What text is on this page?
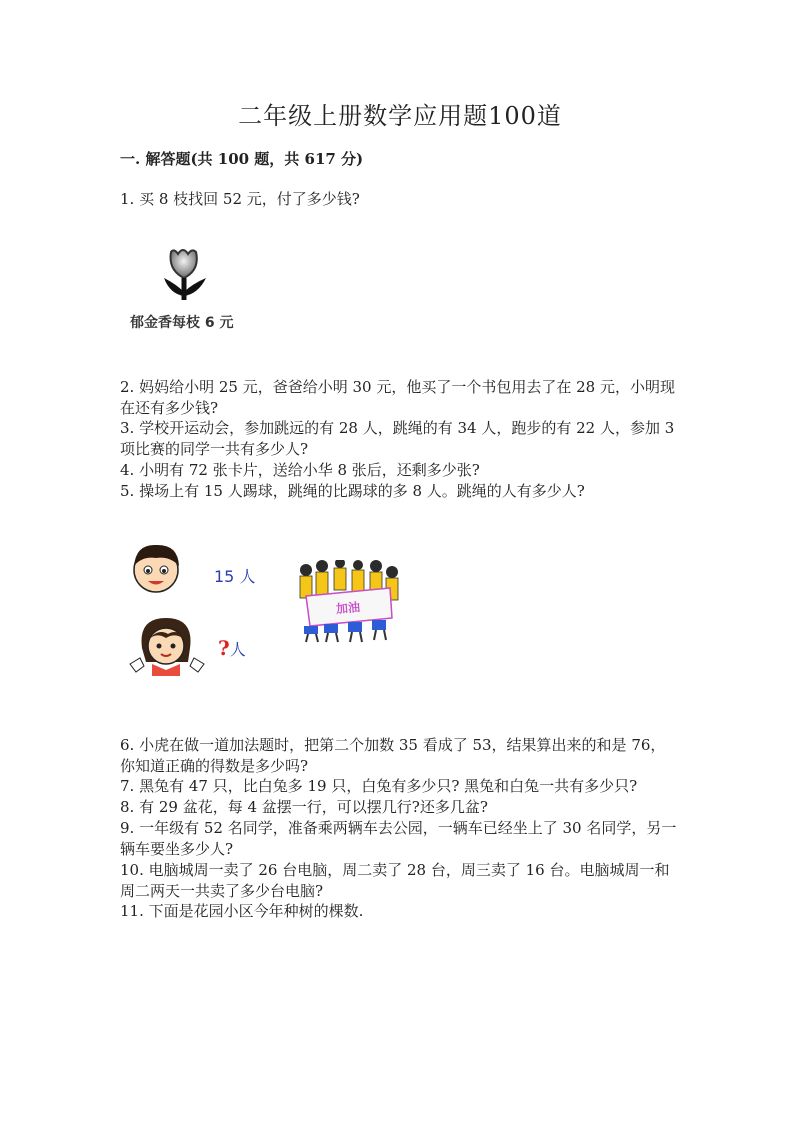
二年级上册数学应用题100道
一. 解答题(共 100 题，共 617 分)
1. 买 8 枝找回 52 元，付了多少钱?
郁金香每枝 6 元
2. 妈妈给小明 25 元，爸爸给小明 30 元，他买了一个书包用去了在 28 元，小明现在还有多少钱?
3. 学校开运动会，参加跳远的有 28 人，跳绳的有 34 人，跑步的有 22 人，参加 3 项比赛的同学一共有多少人?
4. 小明有 72 张卡片，送给小华 8 张后，还剩多少张?
5. 操场上有 15 人踢球，跳绳的比踢球的多 8 人。跳绳的人有多少人?
15 人
?人
加油
6. 小虎在做一道加法题时，把第二个加数 35 看成了 53，结果算出来的和是 76，你知道正确的得数是多少吗?
7. 黑兔有 47 只，比白兔多 19 只，白兔有多少只? 黑兔和白兔一共有多少只?
8. 有 29 盆花，每 4 盆摆一行，可以摆几行?还多几盆?
9. 一年级有 52 名同学，准备乘两辆车去公园，一辆车已经坐上了 30 名同学，另一辆车要坐多少人?
10. 电脑城周一卖了 26 台电脑，周二卖了 28 台，周三卖了 16 台。电脑城周一和周二两天一共卖了多少台电脑?
11. 下面是花园小区今年种树的棵数.
